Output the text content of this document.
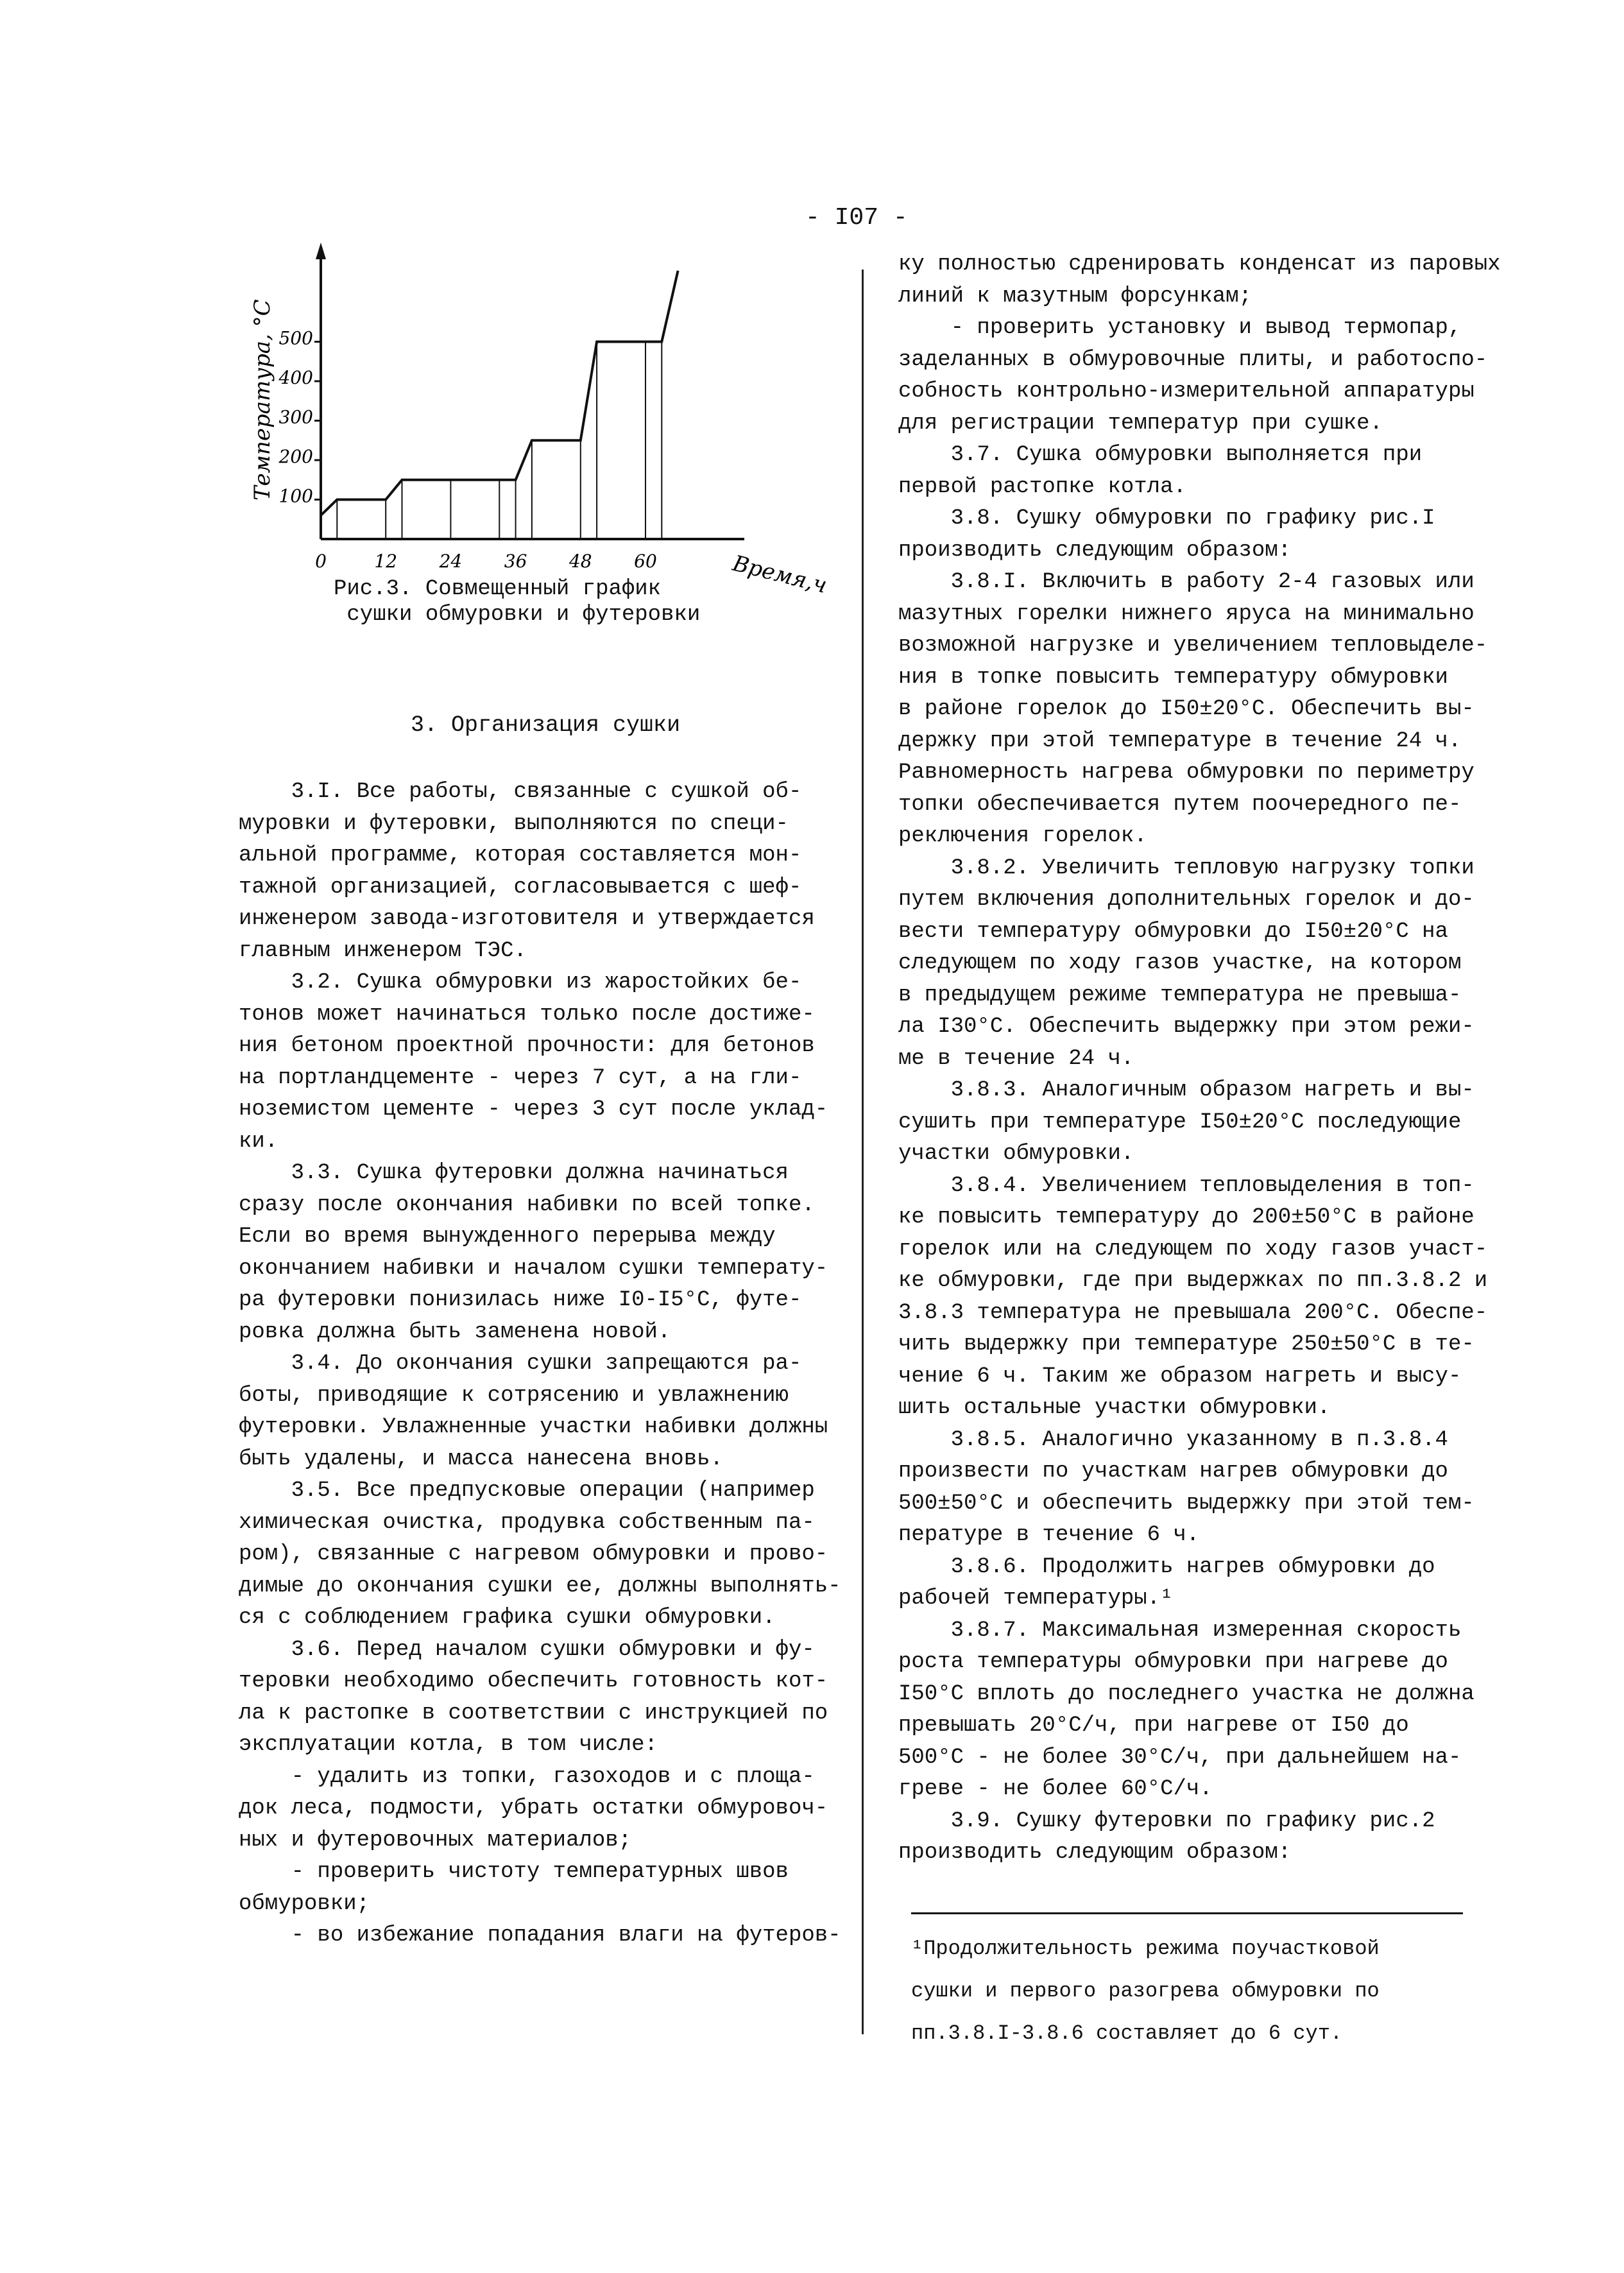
- I07 -
100
200
300
400
500
0	12 24 36 48 60	Время,ч
Температура, °С
Рис.3. Совмещенный график
сушки обмуровки и футеровки
3. Организация сушки

3.I. Все работы, связанные с сушкой об-

муровки и футеровки, выполняются по специ-

альной программе, которая составляется мон-

тажной организацией, согласовывается с шеф-

инженером завода-изготовителя и утверждается

главным инженером ТЭС.

3.2. Сушка обмуровки из жаростойких бе-

тонов может начинаться только после достиже-

ния бетоном проектной прочности: для бетонов

на портландцементе - через 7 сут, а на гли-

ноземистом цементе - через 3 сут после уклад-

ки.

3.3. Сушка футеровки должна начинаться

сразу после окончания набивки по всей топке.

Если во время вынужденного перерыва между

окончанием набивки и началом сушки температу-

ра футеровки понизилась ниже I0-I5°С, футе-

ровка должна быть заменена новой.

3.4. До окончания сушки запрещаются ра-

боты, приводящие к сотрясению и увлажнению

футеровки. Увлажненные участки набивки должны

быть удалены, и масса нанесена вновь.

3.5. Все предпусковые операции (например

химическая очистка, продувка собственным па-

ром), связанные с нагревом обмуровки и прово-

димые до окончания сушки ее, должны выполнять-

ся с соблюдением графика сушки обмуровки.

3.6. Перед началом сушки обмуровки и фу-

теровки необходимо обеспечить готовность кот-

ла к растопке в соответствии с инструкцией по

эксплуатации котла, в том числе:

- удалить из топки, газоходов и с площа-

док леса, подмости, убрать остатки обмуровоч-

ных и футеровочных материалов;

- проверить чистоту температурных швов

обмуровки;

- во избежание попадания влаги на футеров-

ку полностью сдренировать конденсат из паровых

линий к мазутным форсункам;

- проверить установку и вывод термопар,

заделанных в обмуровочные плиты, и работоспо-

собность контрольно-измерительной аппаратуры

для регистрации температур при сушке.

3.7. Сушка обмуровки выполняется при

первой растопке котла.

3.8. Сушку обмуровки по графику рис.I

производить следующим образом:

3.8.I. Включить в работу 2-4 газовых или

мазутных горелки нижнего яруса на минимально

возможной нагрузке и увеличением тепловыделе-

ния в топке повысить температуру обмуровки

в районе горелок до I50±20°С. Обеспечить вы-

держку при этой температуре в течение 24 ч.

Равномерность нагрева обмуровки по периметру

топки обеспечивается путем поочередного пе-

реключения горелок.

3.8.2. Увеличить тепловую нагрузку топки

путем включения дополнительных горелок и до-

вести температуру обмуровки до I50±20°С на

следующем по ходу газов участке, на котором

в предыдущем режиме температура не превыша-

ла I30°С. Обеспечить выдержку при этом режи-

ме в течение 24 ч.

3.8.3. Аналогичным образом нагреть и вы-

сушить при температуре I50±20°С последующие

участки обмуровки.

3.8.4. Увеличением тепловыделения в топ-

ке повысить температуру до 200±50°С в районе

горелок или на следующем по ходу газов участ-

ке обмуровки, где при выдержках по пп.3.8.2 и

3.8.3 температура не превышала 200°С. Обеспе-

чить выдержку при температуре 250±50°С в те-

чение 6 ч. Таким же образом нагреть и высу-

шить остальные участки обмуровки.

3.8.5. Аналогично указанному в п.3.8.4

произвести по участкам нагрев обмуровки до

500±50°С и обеспечить выдержку при этой тем-

пературе в течение 6 ч.

3.8.6. Продолжить нагрев обмуровки до

рабочей температуры.¹

3.8.7. Максимальная измеренная скорость

роста температуры обмуровки при нагреве до

I50°С вплоть до последнего участка не должна

превышать 20°С/ч, при нагреве от I50 до

500°С - не более 30°С/ч, при дальнейшем на-

греве - не более 60°С/ч.

3.9. Сушку футеровки по графику рис.2

производить следующим образом:

¹Продолжительность режима поучастковой

сушки и первого разогрева обмуровки по

пп.3.8.I-3.8.6 составляет до 6 сут.
